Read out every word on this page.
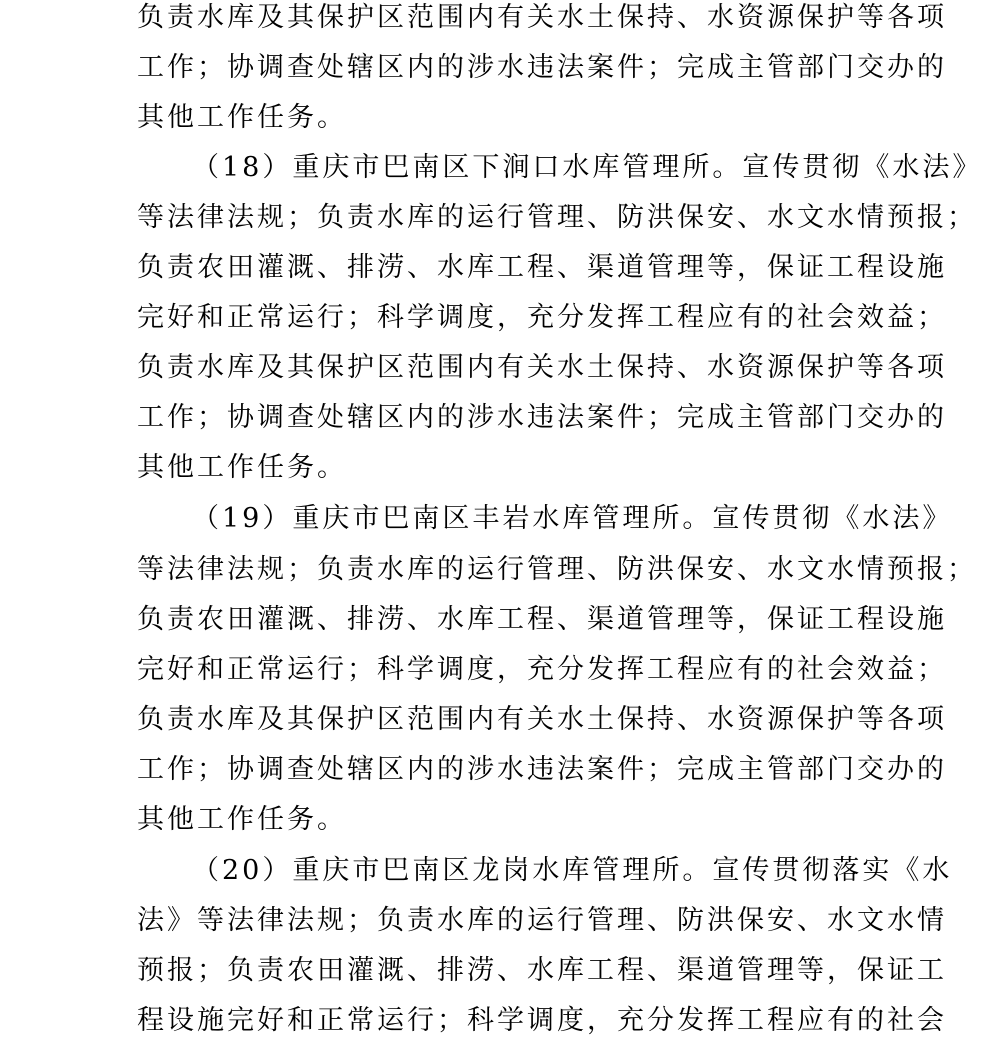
负责水库及其保护区范围内有关水土保持、水资源保护等各项
工作；协调查处辖区内的涉水违法案件；完成主管部门交办的
其他工作任务。
（18）重庆市巴南区下涧口水库管理所。宣传贯彻《水法》
等法律法规；负责水库的运行管理、防洪保安、水文水情预报；
负责农田灌溉、排涝、水库工程、渠道管理等，保证工程设施
完好和正常运行；科学调度，充分发挥工程应有的社会效益；
负责水库及其保护区范围内有关水土保持、水资源保护等各项
工作；协调查处辖区内的涉水违法案件；完成主管部门交办的
其他工作任务。
（19）重庆市巴南区丰岩水库管理所。宣传贯彻《水法》
等法律法规；负责水库的运行管理、防洪保安、水文水情预报；
负责农田灌溉、排涝、水库工程、渠道管理等，保证工程设施
完好和正常运行；科学调度，充分发挥工程应有的社会效益；
负责水库及其保护区范围内有关水土保持、水资源保护等各项
工作；协调查处辖区内的涉水违法案件；完成主管部门交办的
其他工作任务。
（20）重庆市巴南区龙岗水库管理所。宣传贯彻落实《水
法》等法律法规；负责水库的运行管理、防洪保安、水文水情
预报；负责农田灌溉、排涝、水库工程、渠道管理等，保证工
程设施完好和正常运行；科学调度，充分发挥工程应有的社会
